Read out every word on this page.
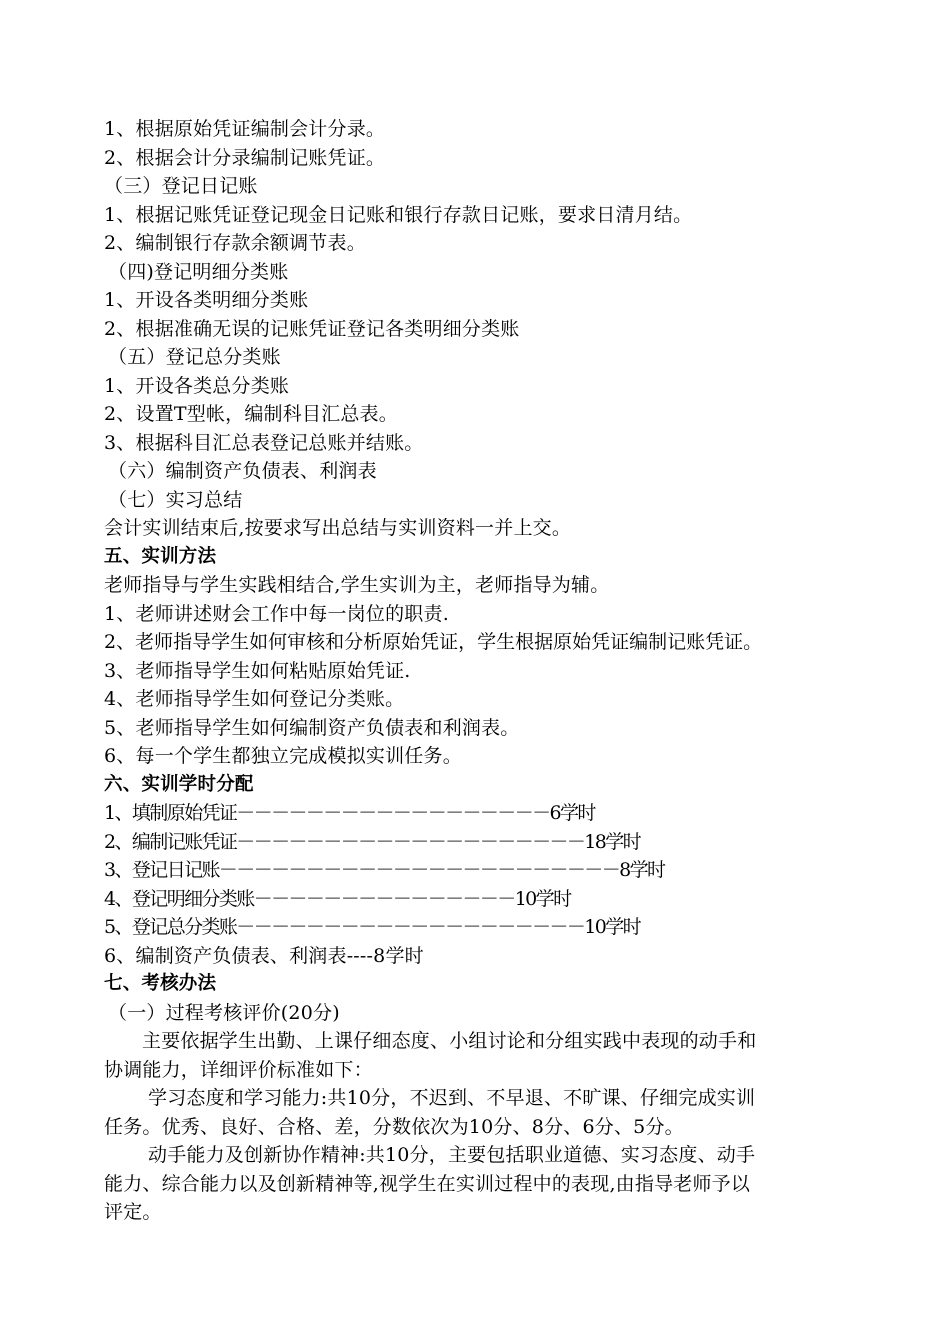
1、根据原始凭证编制会计分录。
2、根据会计分录编制记账凭证。
（三）登记日记账
1、根据记账凭证登记现金日记账和银行存款日记账，要求日清月结。
2、编制银行存款余额调节表。
（四)登记明细分类账
1、开设各类明细分类账
2、根据准确无误的记账凭证登记各类明细分类账
（五）登记总分类账
1、开设各类总分类账
2、设置T型帐，编制科目汇总表。
3、根据科目汇总表登记总账并结账。
（六）编制资产负债表、利润表
（七）实习总结
会计实训结束后,按要求写出总结与实训资料一并上交。
五、实训方法
老师指导与学生实践相结合,学生实训为主，老师指导为辅。
1、老师讲述财会工作中每一岗位的职责.
2、老师指导学生如何审核和分析原始凭证，学生根据原始凭证编制记账凭证。
3、老师指导学生如何粘贴原始凭证.
4、老师指导学生如何登记分类账。
5、老师指导学生如何编制资产负债表和利润表。
6、每一个学生都独立完成模拟实训任务。
六、实训学时分配
1、填制原始凭证－－－－－－－－－－－－－－－－－－6学时
2、编制记账凭证－－－－－－－－－－－－－－－－－－－－18学时
3、登记日记账－－－－－－－－－－－－－－－－－－－－－－－8学时
4、登记明细分类账－－－－－－－－－－－－－－－10学时
5、登记总分类账－－－－－－－－－－－－－－－－－－－－10学时
6、编制资产负债表、利润表----8学时
七、考核办法
（一）过程考核评价(20分)
主要依据学生出勤、上课仔细态度、小组讨论和分组实践中表现的动手和
协调能力，详细评价标准如下：
学习态度和学习能力:共10分，不迟到、不早退、不旷课、仔细完成实训
任务。优秀、良好、合格、差，分数依次为10分、8分、6分、5分。
动手能力及创新协作精神:共10分，主要包括职业道德、实习态度、动手
能力、综合能力以及创新精神等,视学生在实训过程中的表现,由指导老师予以
评定。
